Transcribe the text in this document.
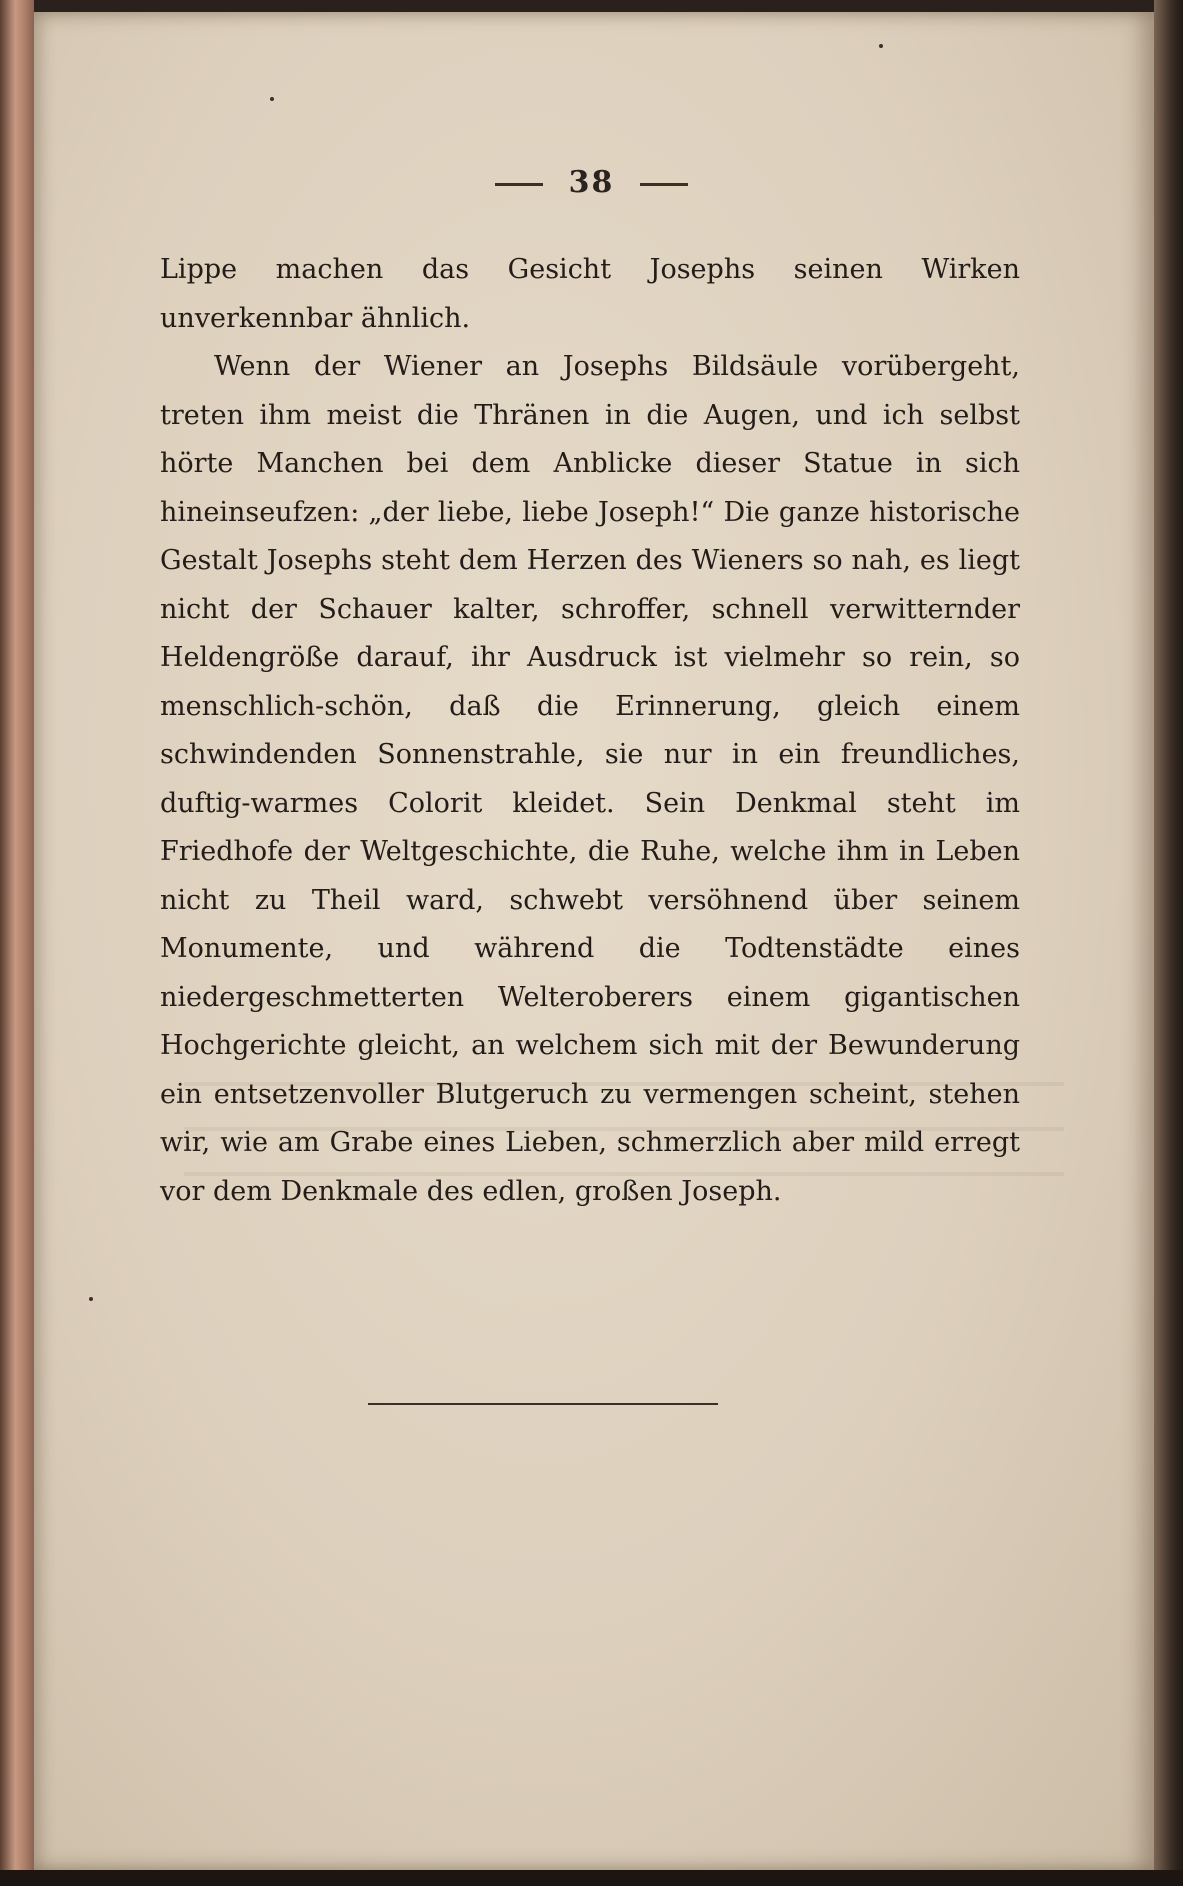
38

Lippe machen das Gesicht Josephs seinen Wirken unverkennbar ähnlich.

Wenn der Wiener an Josephs Bildsäule vorübergeht, treten ihm meist die Thränen in die Augen, und ich selbst hörte Manchen bei dem Anblicke dieser Statue in sich hineinseufzen: „der liebe, liebe Joseph!“ Die ganze historische Gestalt Josephs steht dem Herzen des Wieners so nah, es liegt nicht der Schauer kalter, schroffer, schnell verwitternder Heldengröße darauf, ihr Ausdruck ist vielmehr so rein, so menschlich-schön, daß die Erinnerung, gleich einem schwindenden Sonnenstrahle, sie nur in ein freundliches, duftig-warmes Colorit kleidet. Sein Denkmal steht im Friedhofe der Weltgeschichte, die Ruhe, welche ihm in Leben nicht zu Theil ward, schwebt versöhnend über seinem Monumente, und während die Todtenstädte eines niedergeschmetterten Welteroberers einem gigantischen Hochgerichte gleicht, an welchem sich mit der Bewunderung ein entsetzenvoller Blutgeruch zu vermengen scheint, stehen wir, wie am Grabe eines Lieben, schmerzlich aber mild erregt vor dem Denkmale des edlen, großen Joseph.
